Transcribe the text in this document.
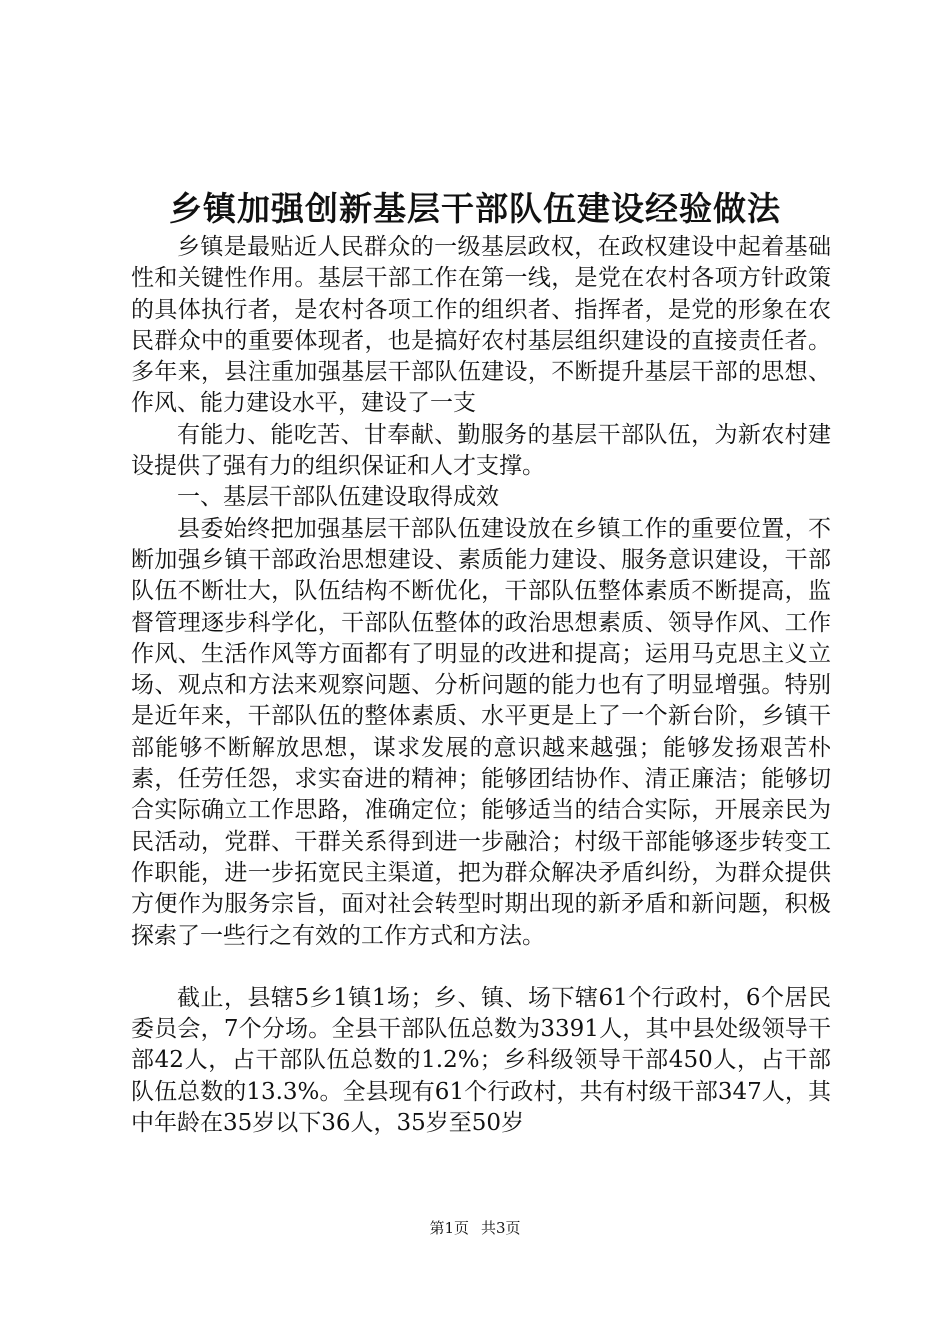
乡镇加强创新基层干部队伍建设经验做法

乡镇是最贴近人民群众的一级基层政权，在政权建设中起着基础性和关键性作用。基层干部工作在第一线，是党在农村各项方针政策的具体执行者，是农村各项工作的组织者、指挥者，是党的形象在农民群众中的重要体现者，也是搞好农村基层组织建设的直接责任者。多年来，县注重加强基层干部队伍建设，不断提升基层干部的思想、作风、能力建设水平，建设了一支

有能力、能吃苦、甘奉献、勤服务的基层干部队伍，为新农村建设提供了强有力的组织保证和人才支撑。

一、基层干部队伍建设取得成效

县委始终把加强基层干部队伍建设放在乡镇工作的重要位置，不断加强乡镇干部政治思想建设、素质能力建设、服务意识建设，干部队伍不断壮大，队伍结构不断优化，干部队伍整体素质不断提高，监督管理逐步科学化，干部队伍整体的政治思想素质、领导作风、工作作风、生活作风等方面都有了明显的改进和提高；运用马克思主义立场、观点和方法来观察问题、分析问题的能力也有了明显增强。特别是近年来，干部队伍的整体素质、水平更是上了一个新台阶，乡镇干部能够不断解放思想，谋求发展的意识越来越强；能够发扬艰苦朴素，任劳任怨，求实奋进的精神；能够团结协作、清正廉洁；能够切合实际确立工作思路，准确定位；能够适当的结合实际，开展亲民为民活动，党群、干群关系得到进一步融洽；村级干部能够逐步转变工作职能，进一步拓宽民主渠道，把为群众解决矛盾纠纷，为群众提供方便作为服务宗旨，面对社会转型时期出现的新矛盾和新问题，积极探索了一些行之有效的工作方式和方法。

截止，县辖5乡1镇1场；乡、镇、场下辖61个行政村，6个居民委员会，7个分场。全县干部队伍总数为3391人，其中县处级领导干部42人，占干部队伍总数的1.2%；乡科级领导干部450人，占干部队伍总数的13.3%。全县现有61个行政村，共有村级干部347人，其中年龄在35岁以下36人，35岁至50岁

第1页 共3页
